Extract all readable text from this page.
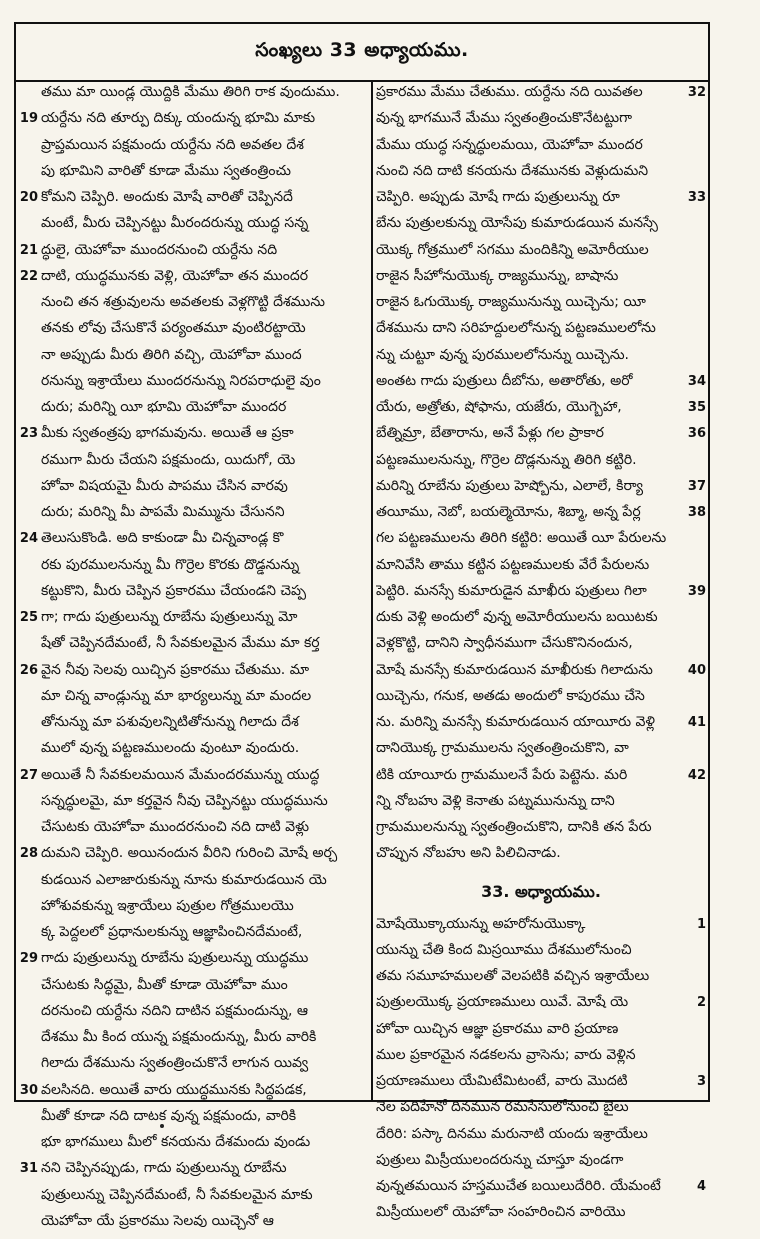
సంఖ్యలు 33 అధ్యాయము.
తము మా యిండ్ల యొద్దికి మేము తిరిగి రాక వుందుము.
19 యర్దేను నది తూర్పు దిక్కు యందున్న భూమి మాకు
ప్రాప్తమయిన పక్షమందు యర్దేను నది అవతల దేశ
పు భూమిని వారితో కూడా మేము స్వతంత్రించు
20 కోమని చెప్పిరి. అందుకు మోషే వారితో చెప్పినదే
మంటే, మీరు చెప్పినట్టు మీరందరున్ను యుద్ధ సన్న
21 ద్ధులై, యెహోవా ముందరనుంచి యర్దేను నది
22 దాటి, యుద్ధమునకు వెళ్లి, యెహోవా తన ముందర
నుంచి తన శత్రువులను అవతలకు వెళ్లగొట్టి దేశమును
తనకు లోవు చేసుకొనే పర్యంతమూ వుంటిరట్టాయె
నా అప్పుడు మీరు తిరిగి వచ్చి, యెహోవా ముంద
రనున్ను ఇశ్రాయేలు ముందరనున్ను నిరపరాధులై వుం
దురు; మరిన్ని యీ భూమి యెహోవా ముందర
23 మీకు స్వతంత్రపు భాగమవును. అయితే ఆ ప్రకా
రముగా మీరు చేయని పక్షమందు, యిదుగో, యె
హోవా విషయమై మీరు పాపము చేసిన వారవు
దురు; మరిన్ని మీ పాపమే మిమ్మును చేసునని
24 తెలుసుకొండి. అది కాకుండా మీ చిన్నవాండ్ల కొ
రకు పురములనున్ను మీ గొర్రెల కొరకు దొడ్డనున్ను
కట్టుకొని, మీరు చెప్పిన ప్రకారము చేయండని చెప్ప
25 గా; గాదు పుత్రులున్ను రూబేను పుత్రులున్ను మో
షేతో చెప్పినదేమంటే, నీ సేవకులమైన మేము మా కర్త
26 వైన నీవు సెలవు యిచ్చిన ప్రకారము చేతుము. మా
మా చిన్న వాండ్లున్ను మా భార్యలున్ను మా మందల
తోనున్ను మా పశువులన్నిటితోనున్ను గిలాదు దేశ
ములో వున్న పట్టణములందు వుంటూ వుందురు.
27 అయితే నీ సేవకులమయిన మేమందరమున్ను యుద్ధ
సన్నద్ధులమై, మా కర్తవైన నీవు చెప్పినట్టు యుద్ధమును
చేసుటకు యెహోవా ముందరనుంచి నది దాటి వెళ్లు
28 దుమని చెప్పిరి. అయినందున వీరిని గురించి మోషే అర్చ
కుడయిన ఎలాజారుకున్ను నూను కుమారుడయిన యె
హోశువకున్ను ఇశ్రాయేలు పుత్రుల గోత్రములయొ
క్క పెద్దలలో ప్రధానులకున్ను ఆజ్ఞాపించినదేమంటే,
29 గాదు పుత్రులున్ను రూబేను పుత్రులున్ను యుద్ధము
చేసుటకు సిద్ధమై, మీతో కూడా యెహోవా ముం
దరనుంచి యర్దేను నదిని దాటిన పక్షమందున్ను, ఆ
దేశము మీ కింద యున్న పక్షమందున్ను, మీరు వారికి
గిలాదు దేశమును స్వతంత్రించుకొనే లాగున యివ్వ
30 వలసినది. అయితే వారు యుద్ధమునకు సిద్ధపడక,
మీతో కూడా నది దాటక వున్న పక్షమందు, వారికి
భూ భాగములు మీలో కనయను దేశమందు వుండు
31 నని చెప్పినప్పుడు, గాదు పుత్రులున్ను రూబేను
పుత్రులున్ను చెప్పినదేమంటే, నీ సేవకులమైన మాకు
యెహోవా యే ప్రకారము సెలవు యిచ్చెనో ఆ
ప్రకారము మేము చేతుము. యర్దేను నది యివతల	32
వున్న భాగమునే మేము స్వతంత్రించుకొనేటట్టుగా
మేము యుద్ధ సన్నద్ధులమయి, యెహోవా ముందర
నుంచి నది దాటి కనయను దేశమునకు వెళ్లుదుమని
చెప్పిరి. అప్పుడు మోషే గాదు పుత్రులున్ను రూ	33
బేను పుత్రులకున్ను యోసేపు కుమారుడయిన మనస్సే
యొక్క గోత్రములో సగము మందికిన్ని అమోరీయుల
రాజైన సీహోనుయొక్క రాజ్యమున్ను, బాషాను
రాజైన ఓగుయొక్క రాజ్యమునున్ను యిచ్చెను; యీ
దేశమును దాని సరిహద్దులలోనున్న పట్టణములలోను
న్ను చుట్టూ వున్న పురములలోనున్ను యిచ్చెను.
అంతట గాదు పుత్రులు దీబోను, అతారోతు, అరో	34
యేరు, అత్రోతు, షోఫాను, యజేరు, యొగ్బెహా,	35
బేత్నిమ్రా, బేతారాను, అనే పేళ్లు గల ప్రాకార	36
పట్టణములనున్ను, గొర్రెల దొడ్లనున్ను తిరిగి కట్టిరి.
మరిన్ని రూబేను పుత్రులు హెష్బోను, ఎలాలే, కిర్యా	37
తయీము, నెబో, బయల్మెయోను, శిబ్మా, అన్న పేర్ల	38
గల పట్టణములను తిరిగి కట్టిరి: అయితే యీ పేరులను
మానివేసి తాము కట్టిన పట్టణములకు వేరే పేరులను
పెట్టిరి. మనస్సే కుమారుడైన మాఖీరు పుత్రులు గిలా	39
దుకు వెళ్లి అందులో వున్న అమోరీయులను బయిటకు
వెళ్లకొట్టి, దానిని స్వాధీనముగా చేసుకొనినందున,
మోషే మనస్సే కుమారుడయిన మాఖీరుకు గిలాదును	40
యిచ్చెను, గనుక, అతడు అందులో కాపురము చేసె
ను. మరిన్ని మనస్సే కుమారుడయిన యాయీరు వెళ్లి	41
దానియొక్క గ్రామములను స్వతంత్రించుకొని, వా
టికి యాయీరు గ్రామములనే పేరు పెట్టెను. మరి	42
న్ని నోబహు వెళ్లి కెనాతు పట్నమునున్ను దాని
గ్రామములనున్ను స్వతంత్రించుకొని, దానికి తన పేరు
చొప్పున నోబహు అని పిలిచినాడు.
33. అధ్యాయము.
మోషేయొక్కాయున్ను అహరోనుయొక్కా	1
యున్ను చేతి కింద మిస్రయీము దేశములోనుంచి
తమ సమూహములతో వెలపటికి వచ్చిన ఇశ్రాయేలు
పుత్రులయొక్క ప్రయాణములు యివే. మోషే యె	2
హోవా యిచ్చిన ఆజ్ఞా ప్రకారము వారి ప్రయాణ
ముల ప్రకారమైన నడకలను వ్రాసెను; వారు వెళ్లిన
ప్రయాణములు యేమిటేమిటంటే, వారు మొదటి	3
నెల పదిహేనో దినమున రమసేసులోనుంచి బైలు
దేరిరి: పస్కా దినము మరునాటి యందు ఇశ్రాయేలు
పుత్రులు మిస్రీయులందరున్ను చూస్తూ వుండగా
వున్నతమయిన హస్తముచేత బయిలుదేరిరి. యేమంటే	4
మిస్రీయులలో యెహోవా సంహరించిన వారియొ
